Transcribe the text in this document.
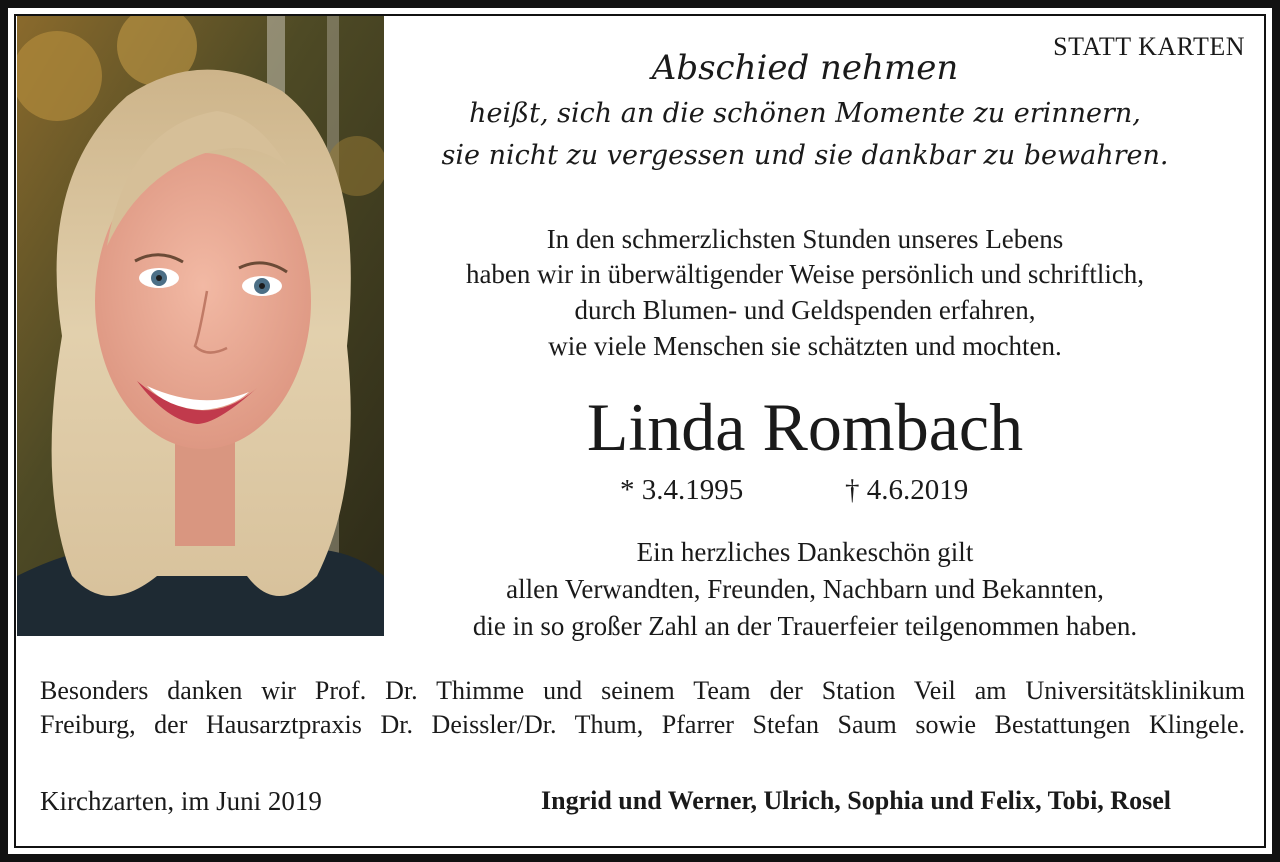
STATT KARTEN
Abschied nehmen
heißt, sich an die schönen Momente zu erinnern,
sie nicht zu vergessen und sie dankbar zu bewahren.
In den schmerzlichsten Stunden unseres Lebens
haben wir in überwältigender Weise persönlich und schriftlich,
durch Blumen- und Geldspenden erfahren,
wie viele Menschen sie schätzten und mochten.
Linda Rombach
* 3.4.1995	† 4.6.2019
Ein herzliches Dankeschön gilt
allen Verwandten, Freunden, Nachbarn und Bekannten,
die in so großer Zahl an der Trauerfeier teilgenommen haben.
Besonders danken wir Prof. Dr. Thimme und seinem Team der Station Veil am Universitätsklinikum
Freiburg, der Hausarztpraxis Dr. Deissler/Dr. Thum, Pfarrer Stefan Saum sowie Bestattungen Klingele.
Kirchzarten, im Juni 2019	Ingrid und Werner, Ulrich, Sophia und Felix, Tobi, Rosel
